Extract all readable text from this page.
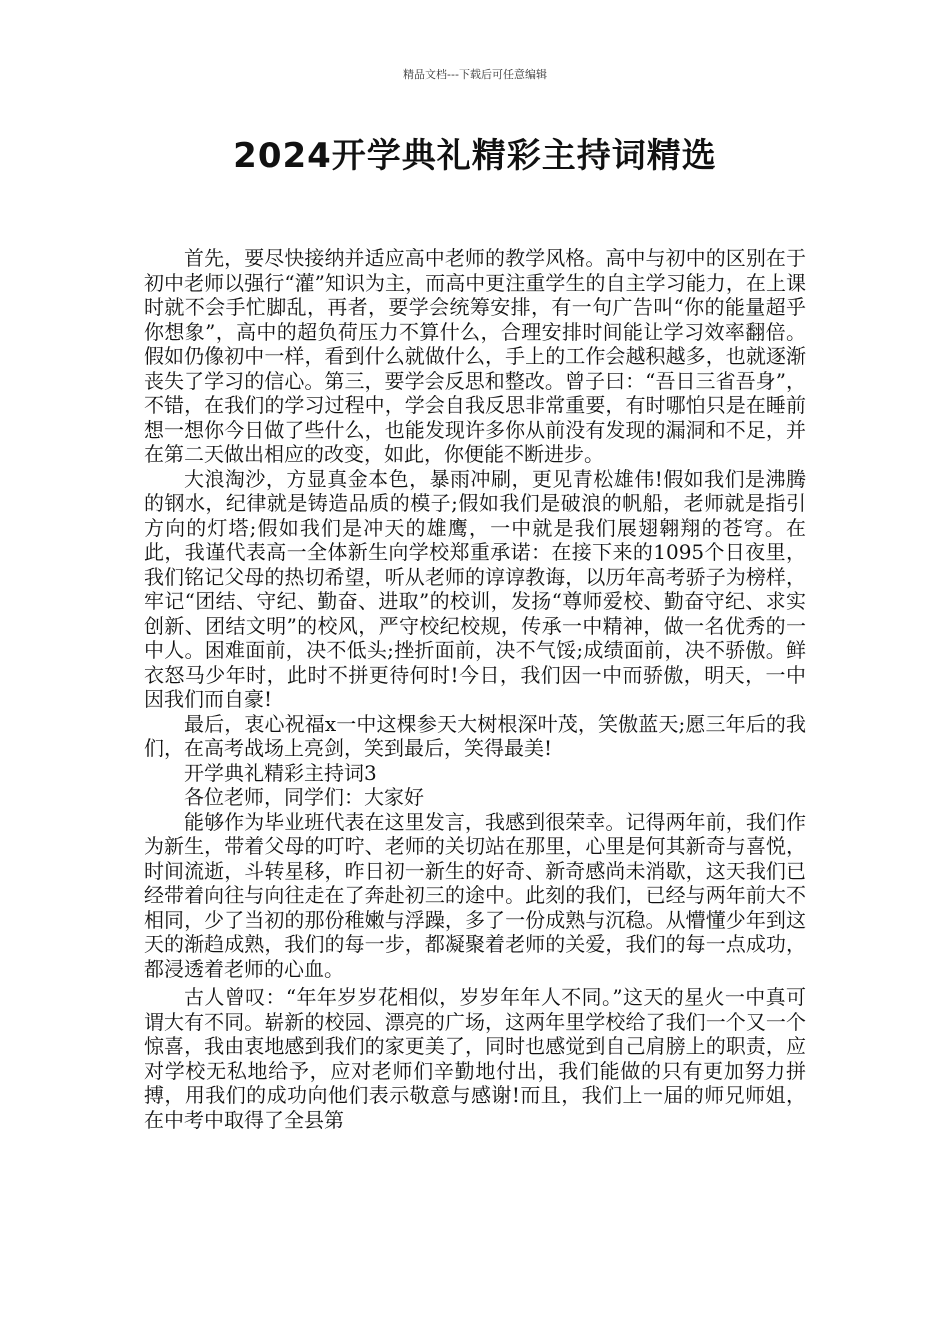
精品文档---下载后可任意编辑
2024开学典礼精彩主持词精选

首先，要尽快接纳并适应高中老师的教学风格。高中与初中的区别在于初中老师以强行“灌”知识为主，而高中更注重学生的自主学习能力，在上课时就不会手忙脚乱，再者，要学会统筹安排，有一句广告叫“你的能量超乎你想象”，高中的超负荷压力不算什么，合理安排时间能让学习效率翻倍。假如仍像初中一样，看到什么就做什么，手上的工作会越积越多，也就逐渐丧失了学习的信心。第三，要学会反思和整改。曾子曰：“吾日三省吾身”，不错，在我们的学习过程中，学会自我反思非常重要，有时哪怕只是在睡前想一想你今日做了些什么，也能发现许多你从前没有发现的漏洞和不足，并在第二天做出相应的改变，如此，你便能不断进步。

大浪淘沙，方显真金本色，暴雨冲刷，更见青松雄伟!假如我们是沸腾的钢水，纪律就是铸造品质的模子;假如我们是破浪的帆船，老师就是指引方向的灯塔;假如我们是冲天的雄鹰，一中就是我们展翅翱翔的苍穹。在此，我谨代表高一全体新生向学校郑重承诺：在接下来的1095个日夜里，我们铭记父母的热切希望，听从老师的谆谆教诲，以历年高考骄子为榜样，牢记“团结、守纪、勤奋、进取”的校训，发扬“尊师爱校、勤奋守纪、求实创新、团结文明”的校风，严守校纪校规，传承一中精神，做一名优秀的一中人。困难面前，决不低头;挫折面前，决不气馁;成绩面前，决不骄傲。鲜衣怒马少年时，此时不拼更待何时!今日，我们因一中而骄傲，明天，一中因我们而自豪!

最后，衷心祝福x一中这棵参天大树根深叶茂，笑傲蓝天;愿三年后的我们，在高考战场上亮剑，笑到最后，笑得最美!

开学典礼精彩主持词3

各位老师，同学们：大家好

能够作为毕业班代表在这里发言，我感到很荣幸。记得两年前，我们作为新生，带着父母的叮咛、老师的关切站在那里，心里是何其新奇与喜悦，时间流逝，斗转星移，昨日初一新生的好奇、新奇感尚未消歇，这天我们已经带着向往与向往走在了奔赴初三的途中。此刻的我们，已经与两年前大不相同，少了当初的那份稚嫩与浮躁，多了一份成熟与沉稳。从懵懂少年到这天的渐趋成熟，我们的每一步，都凝聚着老师的关爱，我们的每一点成功，都浸透着老师的心血。

古人曾叹：“年年岁岁花相似，岁岁年年人不同。”这天的星火一中真可谓大有不同。崭新的校园、漂亮的广场，这两年里学校给了我们一个又一个惊喜，我由衷地感到我们的家更美了，同时也感觉到自己肩膀上的职责，应对学校无私地给予，应对老师们辛勤地付出，我们能做的只有更加努力拼搏，用我们的成功向他们表示敬意与感谢!而且，我们上一届的师兄师姐，在中考中取得了全县第
